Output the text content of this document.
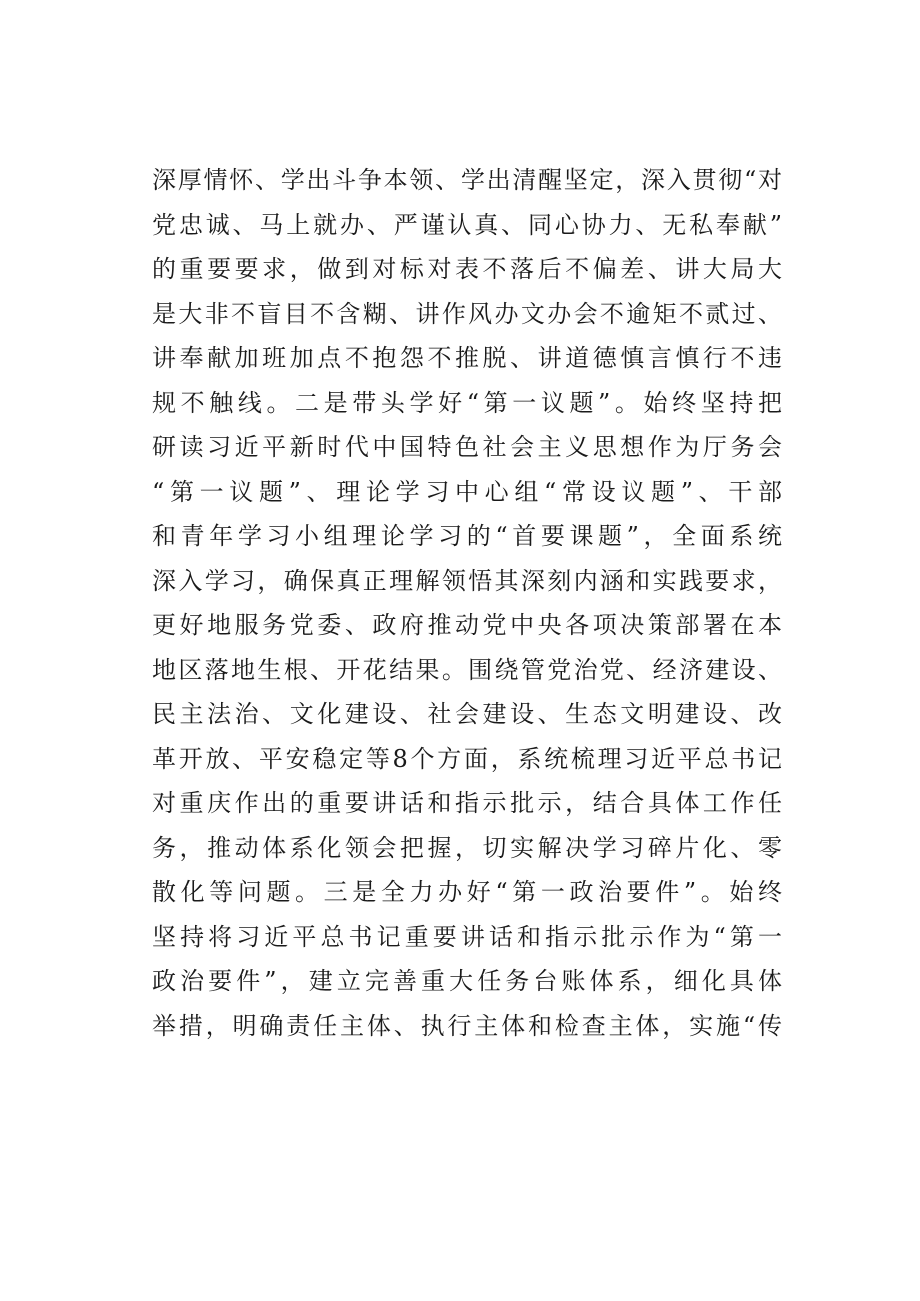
深厚情怀、学出斗争本领、学出清醒坚定，深入贯彻“对
党忠诚、马上就办、严谨认真、同心协力、无私奉献”
的重要要求，做到对标对表不落后不偏差、讲大局大
是大非不盲目不含糊、讲作风办文办会不逾矩不贰过、
讲奉献加班加点不抱怨不推脱、讲道德慎言慎行不违
规不触线。二是带头学好“第一议题”。始终坚持把
研读习近平新时代中国特色社会主义思想作为厅务会
“第一议题”、理论学习中心组“常设议题”、干部
和青年学习小组理论学习的“首要课题”，全面系统
深入学习，确保真正理解领悟其深刻内涵和实践要求，
更好地服务党委、政府推动党中央各项决策部署在本
地区落地生根、开花结果。围绕管党治党、经济建设、
民主法治、文化建设、社会建设、生态文明建设、改
革开放、平安稳定等8个方面，系统梳理习近平总书记
对重庆作出的重要讲话和指示批示，结合具体工作任
务，推动体系化领会把握，切实解决学习碎片化、零
散化等问题。三是全力办好“第一政治要件”。始终
坚持将习近平总书记重要讲话和指示批示作为“第一
政治要件”，建立完善重大任务台账体系，细化具体
举措，明确责任主体、执行主体和检查主体，实施“传
